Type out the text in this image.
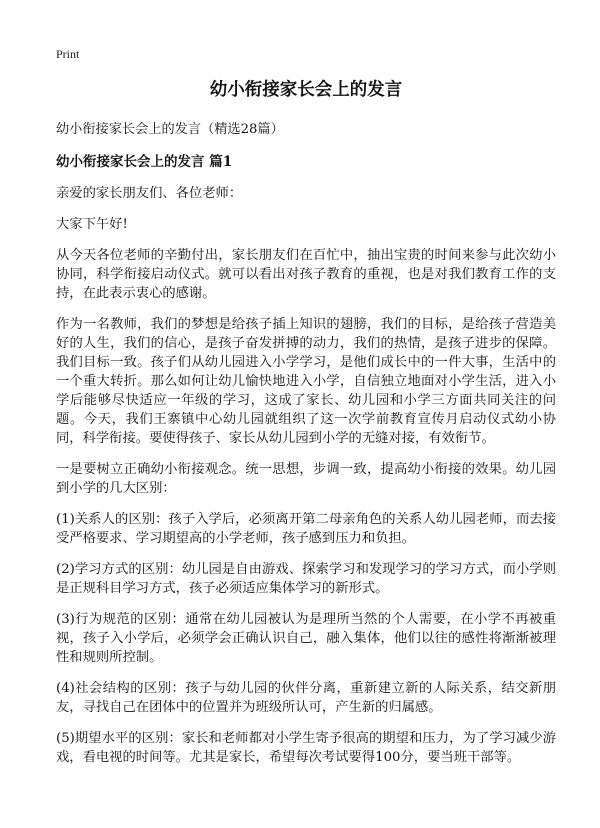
Print
幼小衔接家长会上的发言

幼小衔接家长会上的发言（精选28篇）

幼小衔接家长会上的发言 篇1

亲爱的家长朋友们、各位老师：

大家下午好!

从今天各位老师的辛勤付出，家长朋友们在百忙中，抽出宝贵的时间来参与此次幼小协同，科学衔接启动仪式。就可以看出对孩子教育的重视，也是对我们教育工作的支持，在此表示衷心的感谢。

作为一名教师，我们的梦想是给孩子插上知识的翅膀，我们的目标，是给孩子营造美好的人生，我们的信心，是孩子奋发拼搏的动力，我们的热情，是孩子进步的保障。我们目标一致。孩子们从幼儿园进入小学学习，是他们成长中的一件大事，生活中的一个重大转折。那么如何让幼儿愉快地进入小学，自信独立地面对小学生活，进入小学后能够尽快适应一年级的学习，这成了家长、幼儿园和小学三方面共同关注的问题。今天，我们王寨镇中心幼儿园就组织了这一次学前教育宣传月启动仪式幼小协同，科学衔接。要使得孩子、家长从幼儿园到小学的无缝对接，有效衔节。

一是要树立正确幼小衔接观念。统一思想，步调一致，提高幼小衔接的效果。幼儿园到小学的几大区别：

(1)关系人的区别：孩子入学后，必须离开第二母亲角色的关系人幼儿园老师，而去接受严格要求、学习期望高的小学老师，孩子感到压力和负担。

(2)学习方式的区别：幼儿园是自由游戏、探索学习和发现学习的学习方式，而小学则是正规科目学习方式，孩子必须适应集体学习的新形式。

(3)行为规范的区别：通常在幼儿园被认为是理所当然的个人需要，在小学不再被重视，孩子入小学后，必须学会正确认识自己，融入集体，他们以往的感性将渐渐被理性和规则所控制。

(4)社会结构的区别：孩子与幼儿园的伙伴分离，重新建立新的人际关系，结交新朋友，寻找自己在团体中的位置并为班级所认可，产生新的归属感。

(5)期望水平的区别：家长和老师都对小学生寄予很高的期望和压力，为了学习减少游戏，看电视的时间等。尤其是家长，希望每次考试要得100分，要当班干部等。
